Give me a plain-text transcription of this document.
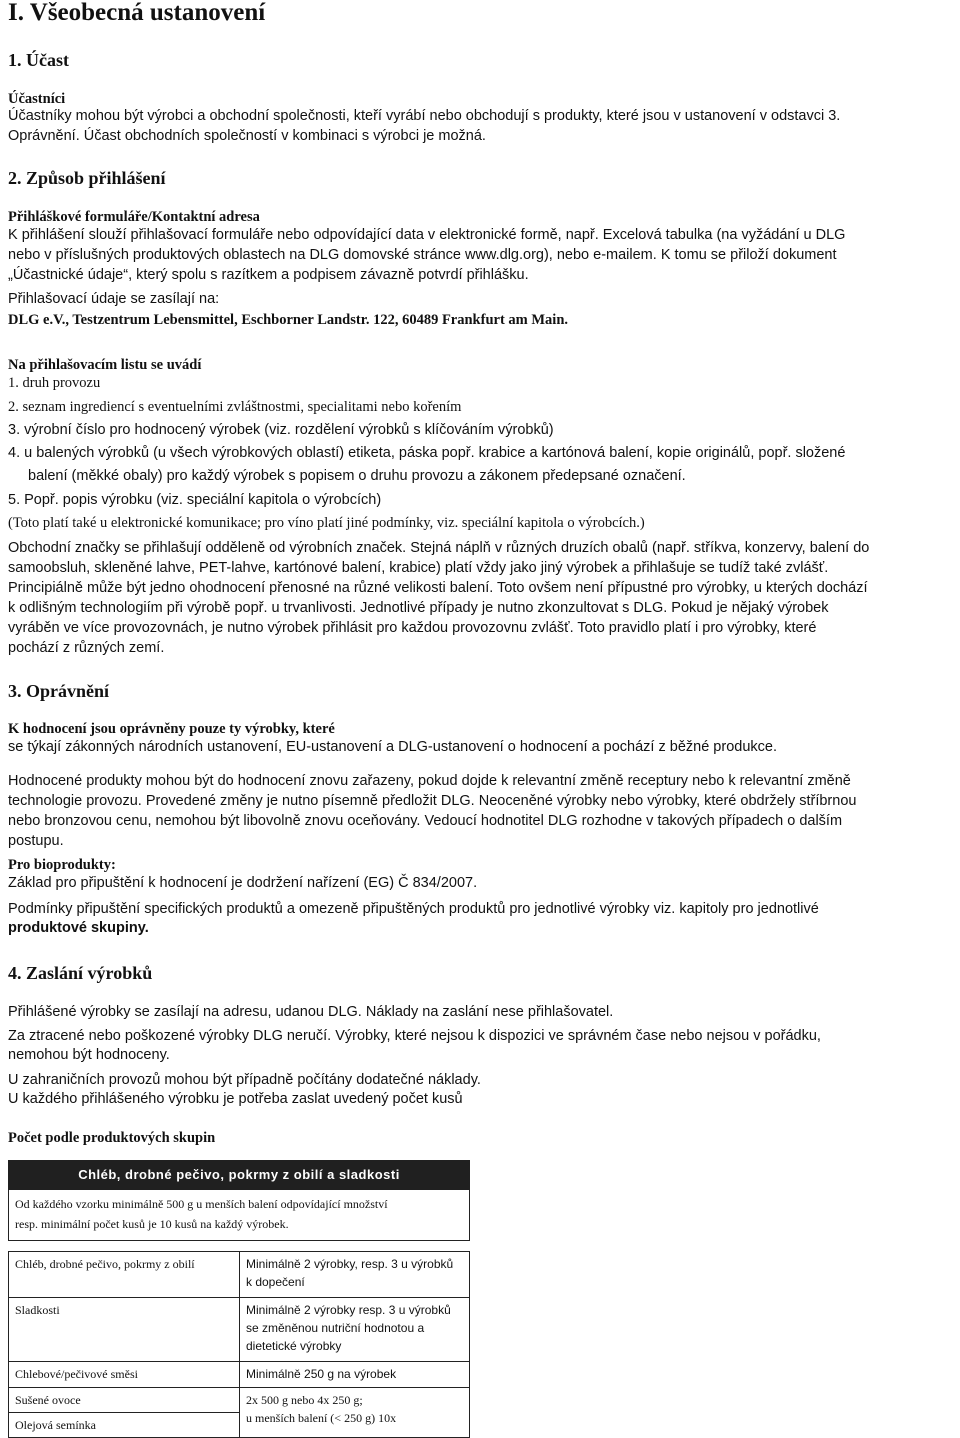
I. Všeobecná ustanovení
1. Účast
Účastníci
Účastníky mohou být výrobci a obchodní společnosti, kteří vyrábí nebo obchodují s produkty, které jsou v ustanovení v odstavci 3.
Oprávnění. Účast obchodních společností v kombinaci s výrobci je možná.
2. Způsob přihlášení
Přihláškové formuláře/Kontaktní adresa
K přihlášení slouží přihlašovací formuláře nebo odpovídající data v elektronické formě, např. Excelová tabulka (na vyžádání u DLG
nebo v příslušných produktových oblastech na DLG domovské stránce www.dlg.org), nebo e-mailem. K tomu se přiloží dokument
„Účastnické údaje“, který spolu s razítkem a podpisem závazně potvrdí přihlášku.
Přihlašovací údaje se zasílají na:
DLG e.V., Testzentrum Lebensmittel, Eschborner Landstr. 122, 60489 Frankfurt am Main.
Na přihlašovacím listu se uvádí
1. druh provozu
2. seznam ingrediencí s eventuelními zvláštnostmi, specialitami nebo kořením
3. výrobní číslo pro hodnocený výrobek (viz. rozdělení výrobků s klíčováním výrobků)
4. u balených výrobků (u všech výrobkových oblastí) etiketa, páska popř. krabice a kartónová balení, kopie originálů, popř. složené
balení (měkké obaly) pro každý výrobek s popisem o druhu provozu a zákonem předepsané označení.
5. Popř. popis výrobku (viz. speciální kapitola o výrobcích)
(Toto platí také u elektronické komunikace; pro víno platí jiné podmínky, viz. speciální kapitola o výrobcích.)
Obchodní značky se přihlašují odděleně od výrobních značek. Stejná náplň v různých druzích obalů (např. stříkva, konzervy, balení do
samoobsluh, skleněné lahve, PET-lahve, kartónové balení, krabice) platí vždy jako jiný výrobek a přihlašuje se tudíž také zvlášť.
Principiálně může být jedno ohodnocení přenosné na různé velikosti balení. Toto ovšem není přípustné pro výrobky, u kterých dochází
k odlišným technologiím při výrobě popř. u trvanlivosti. Jednotlivé případy je nutno zkonzultovat s DLG. Pokud je nějaký výrobek
vyráběn ve více provozovnách, je nutno výrobek přihlásit pro každou provozovnu zvlášť. Toto pravidlo platí i pro výrobky, které
pochází z různých zemí.
3. Oprávnění
K hodnocení jsou oprávněny pouze ty výrobky, které
se týkají zákonných národních ustanovení, EU-ustanovení a DLG-ustanovení o hodnocení a pochází z běžné produkce.
Hodnocené produkty mohou být do hodnocení znovu zařazeny, pokud dojde k relevantní změně receptury nebo k relevantní změně
technologie provozu. Provedené změny je nutno písemně předložit DLG. Neoceněné výrobky nebo výrobky, které obdržely stříbrnou
nebo bronzovou cenu, nemohou být libovolně znovu oceňovány. Vedoucí hodnotitel DLG rozhodne v takových případech o dalším
postupu.
Pro bioprodukty:
Základ pro připuštění k hodnocení je dodržení nařízení (EG) Č 834/2007.
Podmínky připuštění specifických produktů a omezeně připuštěných produktů pro jednotlivé výrobky viz. kapitoly pro jednotlivé
produktové skupiny.
4. Zaslání výrobků
Přihlášené výrobky se zasílají na adresu, udanou DLG. Náklady na zaslání nese přihlašovatel.
Za ztracené nebo poškozené výrobky DLG neručí. Výrobky, které nejsou k dispozici ve správném čase nebo nejsou v pořádku,
nemohou být hodnoceny.
U zahraničních provozů mohou být případně počítány dodatečné náklady.
U každého přihlášeného výrobku je potřeba zaslat uvedený počet kusů
Počet podle produktových skupin
Chléb, drobné pečivo, pokrmy z obilí a sladkosti
Od každého vzorku minimálně 500 g u menších balení odpovídající množství
resp. minimální počet kusů je 10 kusů na každý výrobek.
Chléb, drobné pečivo, pokrmy z obilí	Minimálně 2 výrobky, resp. 3 u výrobků
k dopečení

Sladkosti	Minimálně 2 výrobky resp. 3 u výrobků
se změněnou nutriční hodnotou a
dietetické výrobky

Chlebové/pečivové směsi	Minimálně 250 g na výrobek

Sušené ovoce	2x 500 g nebo 4x 250 g;
u menších balení (< 250 g) 10x

Olejová semínka	
